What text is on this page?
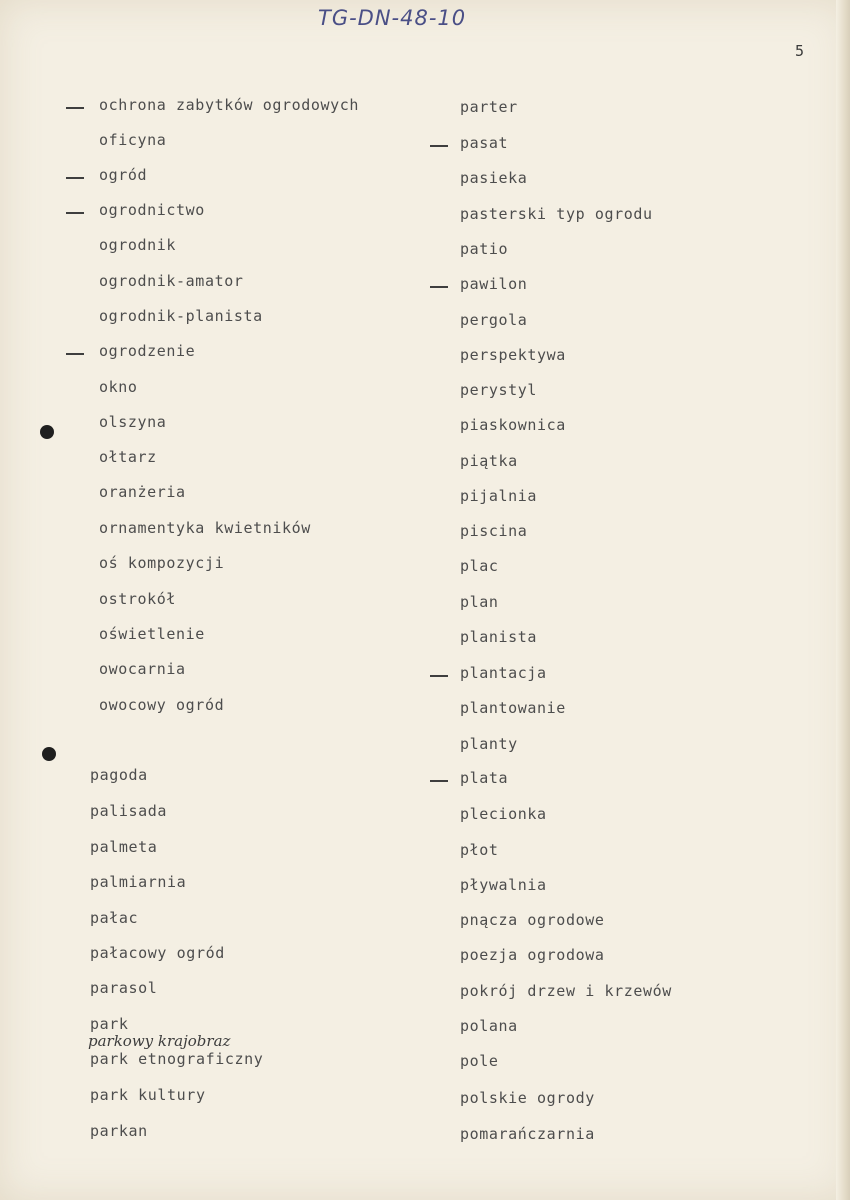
TG-DN-48-10
5
ochrona zabytków ogrodowych
oficyna
ogród
ogrodnictwo
ogrodnik
ogrodnik-amator
ogrodnik-planista
ogrodzenie
okno
olszyna
ołtarz
oranżeria
ornamentyka kwietników
oś kompozycji
ostrokół
oświetlenie
owocarnia
owocowy ogród
pagoda
palisada
palmeta
palmiarnia
pałac
pałacowy ogród
parasol
park
park etnograficzny
park kultury
parkan
parter
pasat
pasieka
pasterski typ ogrodu
patio
pawilon
pergola
perspektywa
perystyl
piaskownica
piątka
pijalnia
piscina
plac
plan
planista
plantacja
plantowanie
planty
plata
plecionka
płot
pływalnia
pnącza ogrodowe
poezja ogrodowa
pokrój drzew i krzewów
polana
pole
polskie ogrody
pomarańczarnia
parkowy krajobraz
